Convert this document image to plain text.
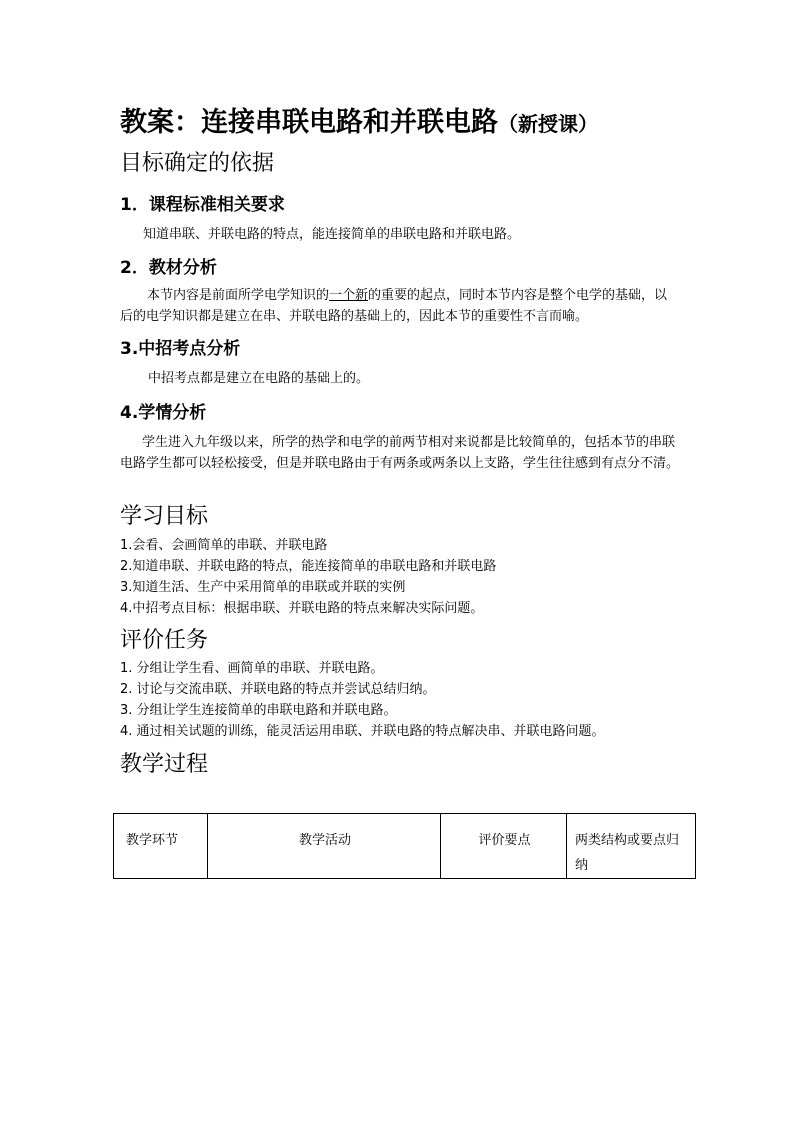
教案：连接串联电路和并联电路（新授课）
目标确定的依据
1．课程标准相关要求
知道串联、并联电路的特点，能连接简单的串联电路和并联电路。
2．教材分析
本节内容是前面所学电学知识的一个新的重要的起点，同时本节内容是整个电学的基础，以后的电学知识都是建立在串、并联电路的基础上的，因此本节的重要性不言而喻。
3.中招考点分析
中招考点都是建立在电路的基础上的。
4.学情分析
学生进入九年级以来，所学的热学和电学的前两节相对来说都是比较简单的，包括本节的串联电路学生都可以轻松接受，但是并联电路由于有两条或两条以上支路，学生往往感到有点分不清。
学习目标
1.会看、会画简单的串联、并联电路
2.知道串联、并联电路的特点，能连接简单的串联电路和并联电路
3.知道生活、生产中采用简单的串联或并联的实例
4.中招考点目标：根据串联、并联电路的特点来解决实际问题。
评价任务
1. 分组让学生看、画简单的串联、并联电路。
2. 讨论与交流串联、并联电路的特点并尝试总结归纳。
3. 分组让学生连接简单的串联电路和并联电路。
4. 通过相关试题的训练，能灵活运用串联、并联电路的特点解决串、并联电路问题。
教学过程
教学环节	教学活动	评价要点	两类结构或要点归纳
